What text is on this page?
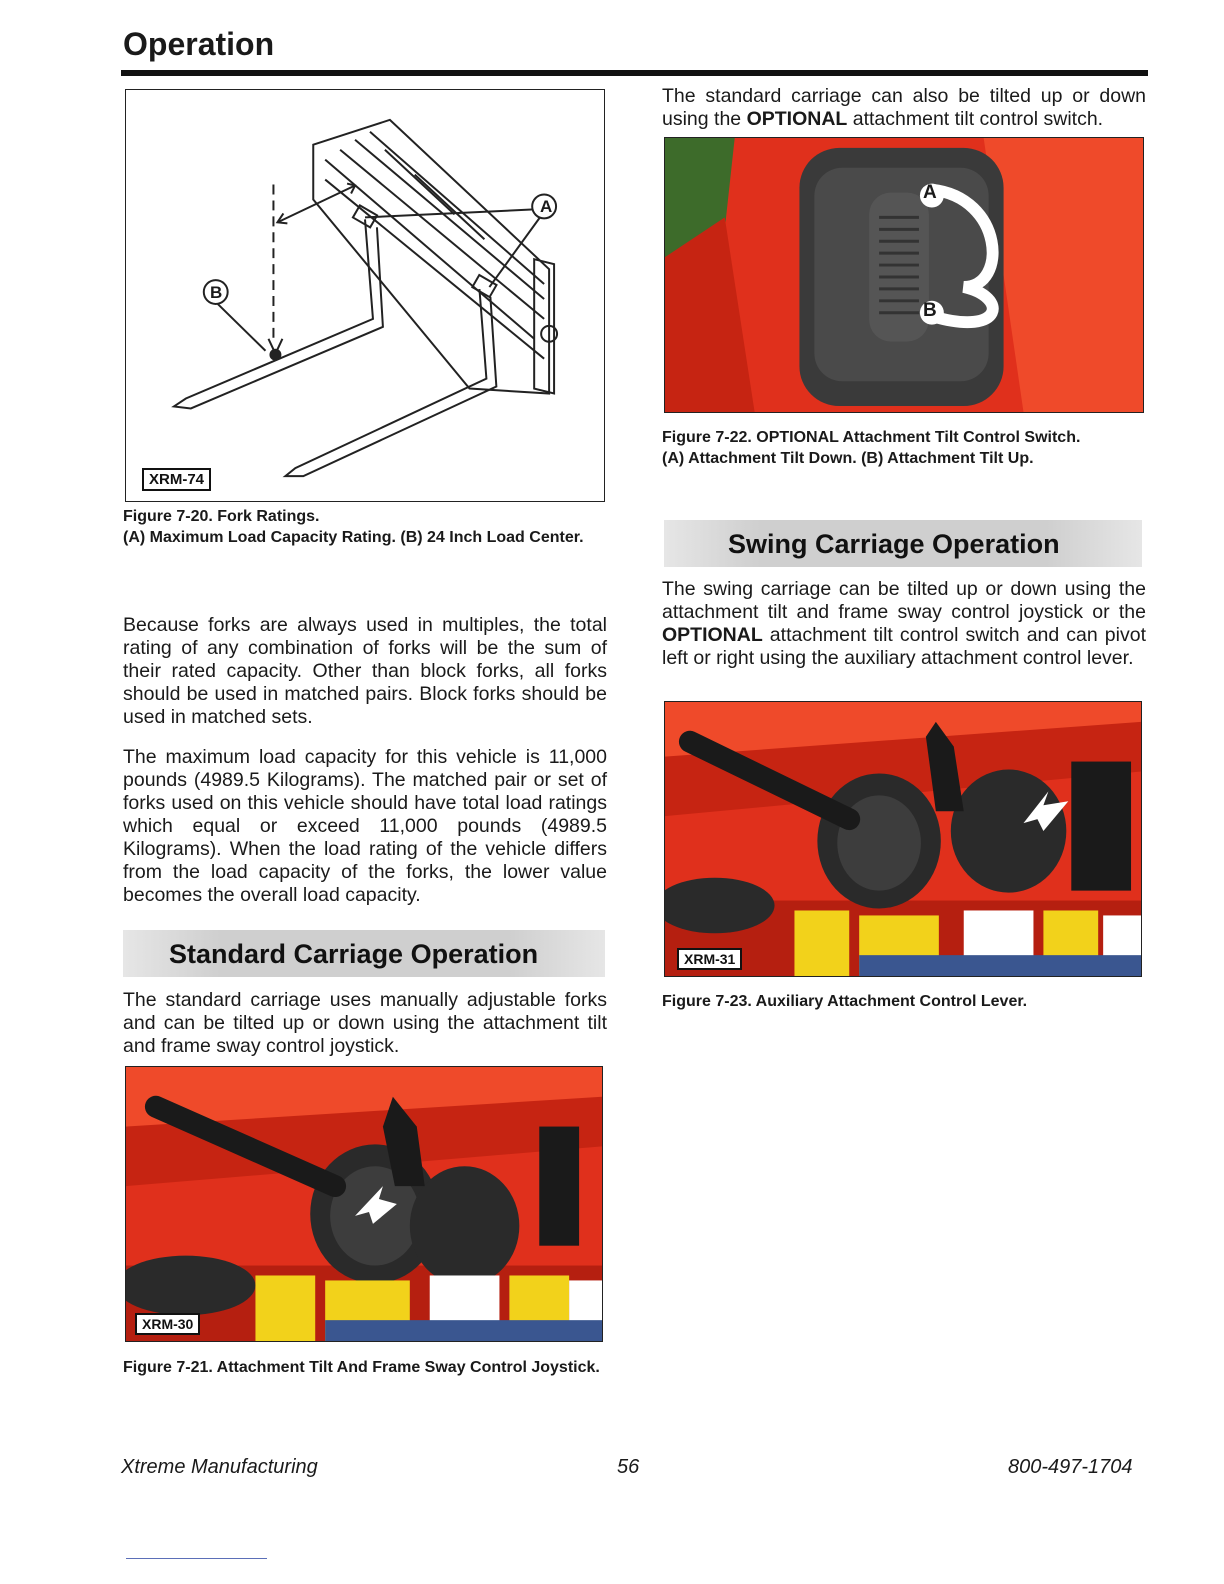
Operation
A
B
XRM-74
Figure 7-20. Fork Ratings.
(A) Maximum Load Capacity Rating. (B) 24 Inch Load Center.

Because forks are always used in multiples, the total rating of any combination of forks will be the sum of their rated capacity. Other than block forks, all forks should be used in matched pairs. Block forks should be used in matched sets.

The maximum load capacity for this vehicle is 11,000 pounds (4989.5 Kilograms). The matched pair or set of forks used on this vehicle should have total load ratings which equal or exceed 11,000 pounds (4989.5 Kilograms). When the load rating of the vehicle differs from the load capacity of the forks, the lower value becomes the overall load capacity.

Standard Carriage Operation

The standard carriage uses manually adjustable forks and can be tilted up or down using the attachment tilt and frame sway control joystick.

XRM-30
Figure 7-21. Attachment Tilt And Frame Sway Control Joystick.

The standard carriage can also be tilted up or down using the OPTIONAL attachment tilt control switch.

A
B
Figure 7-22. OPTIONAL Attachment Tilt Control Switch.
(A) Attachment Tilt Down. (B) Attachment Tilt Up.
Swing Carriage Operation

The swing carriage can be tilted up or down using the attachment tilt and frame sway control joystick or the OPTIONAL attachment tilt control switch and can pivot left or right using the auxiliary attachment control lever.

XRM-31
Figure 7-23. Auxiliary Attachment Control Lever.
Xtreme Manufacturing	56	800-497-1704
